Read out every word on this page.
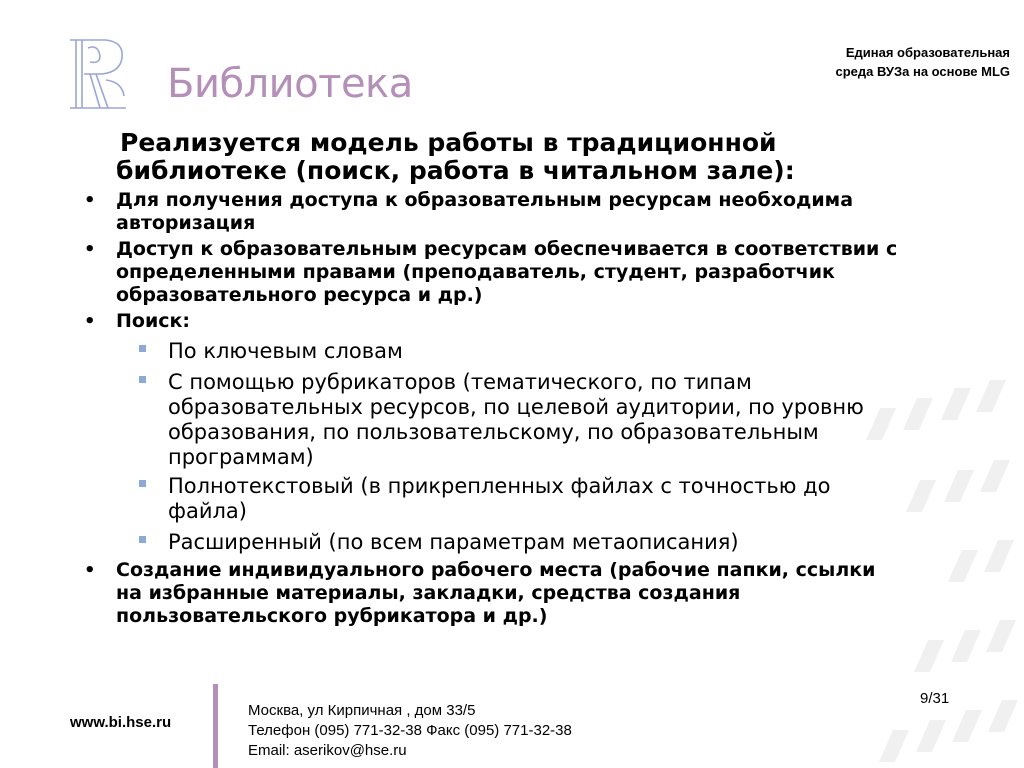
Библиотека
Единая образовательная
среда ВУЗа на основе MLG
Реализуется модель работы в традиционной
библиотеке (поиск, работа в читальном зале):
• Для получения доступа к образовательным ресурсам необходима
авторизация
• Доступ к образовательным ресурсам обеспечивается в соответствии с
определенными правами (преподаватель, студент, разработчик
образовательного ресурса и др.)
• Поиск:
По ключевым словам
С помощью рубрикаторов (тематического, по типам
образовательных ресурсов, по целевой аудитории, по уровню
образования, по пользовательскому, по образовательным
программам)
Полнотекстовый (в прикрепленных файлах с точностью до
файла)
Расширенный (по всем параметрам метаописания)
• Создание индивидуального рабочего места (рабочие папки, ссылки
на избранные материалы, закладки, средства создания
пользовательского рубрикатора и др.)
www.bi.hse.ru
Москва, ул Кирпичная , дом 33/5
Телефон (095) 771-32-38 Факс (095) 771-32-38
Email: aserikov@hse.ru
9/31
